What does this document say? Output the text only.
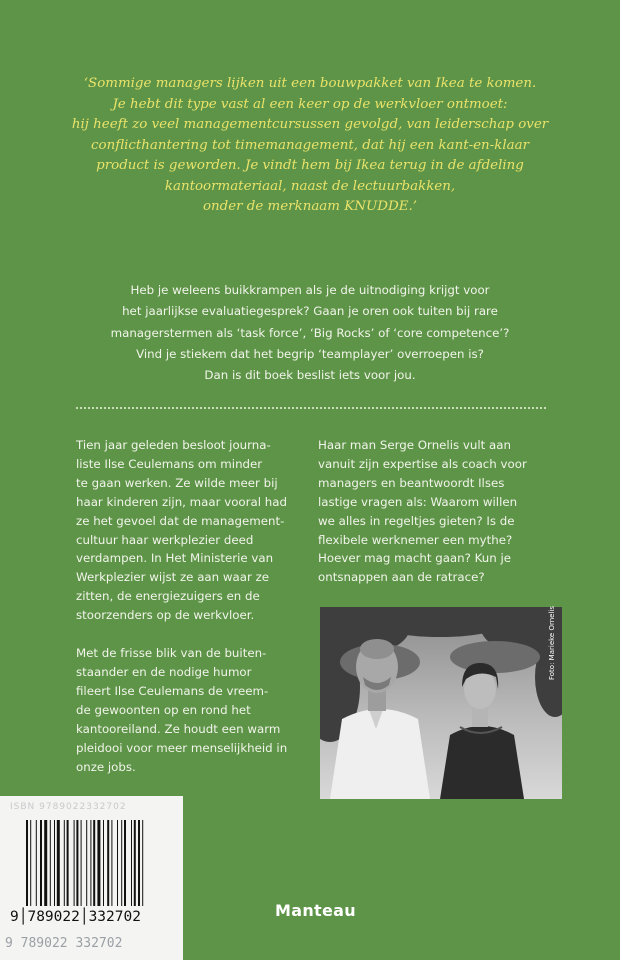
‘Sommige managers lijken uit een bouwpakket van Ikea te komen.
Je hebt dit type vast al een keer op de werkvloer ontmoet:
hij heeft zo veel managementcursussen gevolgd, van leiderschap over
conflicthantering tot timemanagement, dat hij een kant-en-klaar
product is geworden. Je vindt hem bij Ikea terug in de afdeling
kantoormateriaal, naast de lectuurbakken,
onder de merknaam KNUDDE.’
Heb je weleens buikkrampen als je de uitnodiging krijgt voor
het jaarlijkse evaluatiegesprek? Gaan je oren ook tuiten bij rare
managerstermen als ‘task force’, ‘Big Rocks’ of ‘core competence’?
Vind je stiekem dat het begrip ‘teamplayer’ overroepen is?
Dan is dit boek beslist iets voor jou.
Tien jaar geleden besloot journa-
liste Ilse Ceulemans om minder
te gaan werken. Ze wilde meer bij
haar kinderen zijn, maar vooral had
ze het gevoel dat de management-
cultuur haar werkplezier deed
verdampen. In Het Ministerie van
Werkplezier wijst ze aan waar ze
zitten, de energiezuigers en de
stoorzenders op de werkvloer.
Met de frisse blik van de buiten-
staander en de nodige humor
fileert Ilse Ceulemans de vreem-
de gewoonten op en rond het
kantooreiland. Ze houdt een warm
pleidooi voor meer menselijkheid in
onze jobs.
Haar man Serge Ornelis vult aan
vanuit zijn expertise als coach voor
managers en beantwoordt Ilses
lastige vragen als: Waarom willen
we alles in regeltjes gieten? Is de
flexibele werknemer een mythe?
Hoever mag macht gaan? Kun je
ontsnappen aan de ratrace?
Foto: Marieke Ornelis
ISBN 9789022332702
9│789022│332702
9 789022 332702
Manteau
